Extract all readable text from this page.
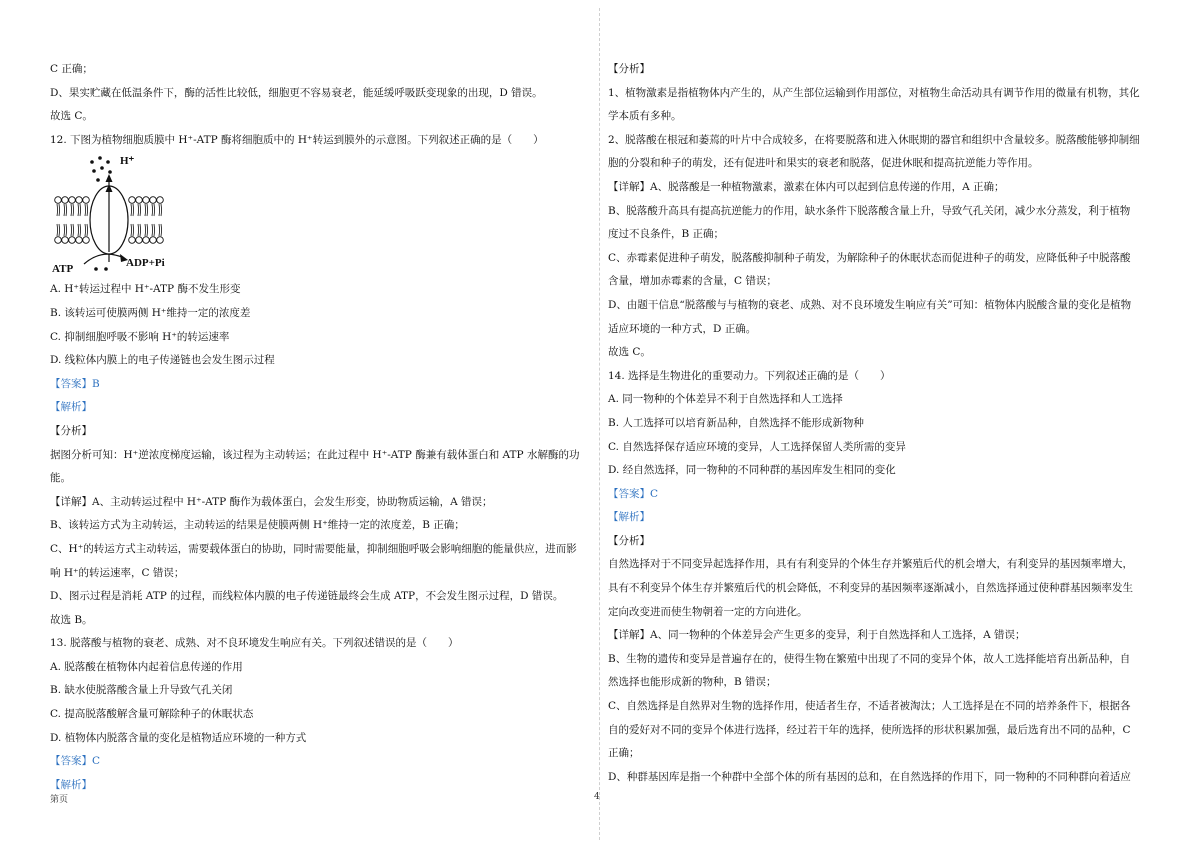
C 正确；
D、果实贮藏在低温条件下，酶的活性比较低，细胞更不容易衰老，能延缓呼吸跃变现象的出现，D 错误。
故选 C。
12. 下图为植物细胞质膜中 H⁺-ATP 酶将细胞质中的 H⁺转运到膜外的示意图。下列叙述正确的是（　　）
H⁺
ATP	ADP+Pi
A. H⁺转运过程中 H⁺-ATP 酶不发生形变
B. 该转运可使膜两侧 H⁺维持一定的浓度差
C. 抑制细胞呼吸不影响 H⁺的转运速率
D. 线粒体内膜上的电子传递链也会发生图示过程
【答案】B
【解析】
【分析】
据图分析可知：H⁺逆浓度梯度运输，该过程为主动转运；在此过程中 H⁺-ATP 酶兼有载体蛋白和 ATP 水解酶的功
能。
【详解】A、主动转运过程中 H⁺-ATP 酶作为载体蛋白，会发生形变，协助物质运输，A 错误；
B、该转运方式为主动转运，主动转运的结果是使膜两侧 H⁺维持一定的浓度差，B 正确；
C、H⁺的转运方式主动转运，需要载体蛋白的协助，同时需要能量，抑制细胞呼吸会影响细胞的能量供应，进而影
响 H⁺的转运速率，C 错误；
D、图示过程是消耗 ATP 的过程，而线粒体内膜的电子传递链最终会生成 ATP，不会发生图示过程，D 错误。
故选 B。
13. 脱落酸与植物的衰老、成熟、对不良环境发生响应有关。下列叙述错误的是（　　）
A. 脱落酸在植物体内起着信息传递的作用
B. 缺水使脱落酸含量上升导致气孔关闭
C. 提高脱落酸解含量可解除种子的休眠状态
D. 植物体内脱落含量的变化是植物适应环境的一种方式
【答案】C
【解析】
【分析】
1、植物激素是指植物体内产生的，从产生部位运输到作用部位，对植物生命活动具有调节作用的微量有机物，其化
学本质有多种。
2、脱落酸在根冠和萎蔫的叶片中合成较多，在将要脱落和进入休眠期的器官和组织中含量较多。脱落酸能够抑制细
胞的分裂和种子的萌发，还有促进叶和果实的衰老和脱落，促进休眠和提高抗逆能力等作用。
【详解】A、脱落酸是一种植物激素，激素在体内可以起到信息传递的作用，A 正确；
B、脱落酸升高具有提高抗逆能力的作用，缺水条件下脱落酸含量上升，导致气孔关闭，减少水分蒸发，利于植物
度过不良条件，B 正确；
C、赤霉素促进种子萌发，脱落酸抑制种子萌发，为解除种子的休眠状态而促进种子的萌发，应降低种子中脱落酸
含量，增加赤霉素的含量，C 错误；
D、由题干信息“脱落酸与与植物的衰老、成熟、对不良环境发生响应有关”可知：植物体内脱酸含量的变化是植物
适应环境的一种方式，D 正确。
故选 C。
14. 选择是生物进化的重要动力。下列叙述正确的是（　　）
A. 同一物种的个体差异不利于自然选择和人工选择
B. 人工选择可以培育新品种，自然选择不能形成新物种
C. 自然选择保存适应环境的变异，人工选择保留人类所需的变异
D. 经自然选择，同一物种的不同种群的基因库发生相同的变化
【答案】C
【解析】
【分析】
自然选择对于不同变异起选择作用，具有有利变异的个体生存并繁殖后代的机会增大，有利变异的基因频率增大，
具有不利变异个体生存并繁殖后代的机会降低，不利变异的基因频率逐渐减小，自然选择通过使种群基因频率发生
定向改变进而使生物朝着一定的方向进化。
【详解】A、同一物种的个体差异会产生更多的变异，利于自然选择和人工选择，A 错误；
B、生物的遗传和变异是普遍存在的，使得生物在繁殖中出现了不同的变异个体，故人工选择能培育出新品种，自
然选择也能形成新的物种，B 错误；
C、自然选择是自然界对生物的选择作用，使适者生存，不适者被淘汰；人工选择是在不同的培养条件下，根据各
自的爱好对不同的变异个体进行选择，经过若干年的选择，使所选择的形状积累加强，最后选育出不同的品种，C
正确；
D、种群基因库是指一个种群中全部个体的所有基因的总和，在自然选择的作用下，同一物种的不同种群向着适应
第页	4
